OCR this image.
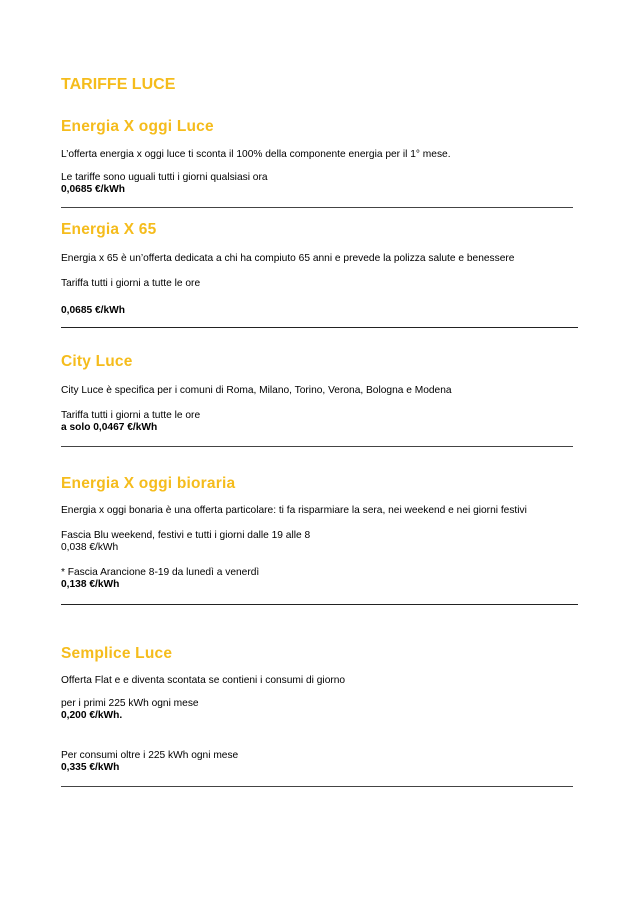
TARIFFE LUCE
Energia X oggi Luce
L’offerta energia x oggi luce ti sconta il 100% della componente energia per il 1° mese.
Le tariffe sono uguali tutti i giorni qualsiasi ora
0,0685 €/kWh
Energia X 65
Energia x 65 è un’offerta dedicata a chi ha compiuto 65 anni e prevede la polizza salute e benessere
Tariffa tutti i giorni a tutte le ore
0,0685 €/kWh
City Luce
City Luce è specifica per i comuni di Roma, Milano, Torino, Verona, Bologna e Modena
Tariffa tutti i giorni a tutte le ore
a solo 0,0467 €/kWh
Energia X oggi bioraria
Energia x oggi bonaria è una offerta particolare: ti fa risparmiare la sera, nei weekend e nei giorni festivi
Fascia Blu weekend, festivi e tutti i giorni dalle 19 alle 8
0,038 €/kWh
* Fascia Arancione 8-19 da lunedì a venerdì
0,138 €/kWh
Semplice Luce
Offerta Flat e e diventa scontata se contieni i consumi di giorno
per i primi 225 kWh ogni mese
0,200 €/kWh.
Per consumi oltre i 225 kWh ogni mese
0,335 €/kWh
